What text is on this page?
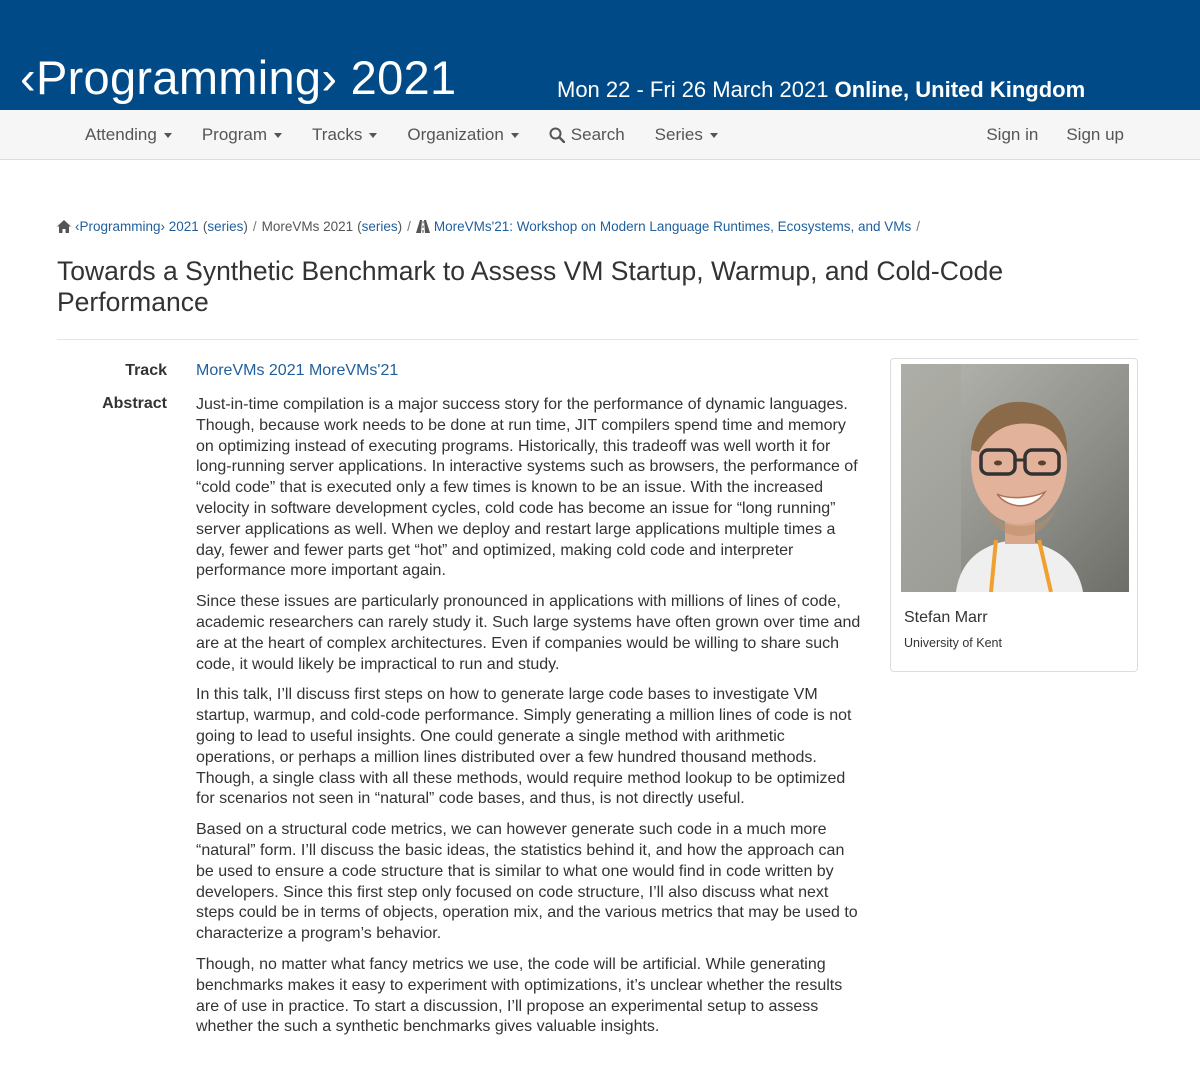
‹Programming› 2021	Mon 22 - Fri 26 March 2021 Online, United Kingdom
Attending	Program	Tracks	Organization	Search Series	Sign in	Sign up
‹Programming› 2021 ( series ) / MoreVMs 2021 ( series ) / MoreVMs'21: Workshop on Modern Language Runtimes, Ecosystems, and VMs /
Towards a Synthetic Benchmark to Assess VM Startup, Warmup, and Cold-Code Performance
Track MoreVMs 2021 MoreVMs'21
Abstract Just-in-time compilation is a major success story for the performance of dynamic languages. Though, because work needs to be done at run time, JIT compilers spend time and memory on optimizing instead of executing programs. Historically, this tradeoff was well worth it for long-running server applications. In interactive systems such as browsers, the performance of “cold code” that is executed only a few times is known to be an issue. With the increased velocity in software development cycles, cold code has become an issue for “long running” server applications as well. When we deploy and restart large applications multiple times a day, fewer and fewer parts get “hot” and optimized, making cold code and interpreter performance more important again.

Since these issues are particularly pronounced in applications with millions of lines of code, academic researchers can rarely study it. Such large systems have often grown over time and are at the heart of complex architectures. Even if companies would be willing to share such code, it would likely be impractical to run and study.

In this talk, I’ll discuss first steps on how to generate large code bases to investigate VM startup, warmup, and cold-code performance. Simply generating a million lines of code is not going to lead to useful insights. One could generate a single method with arithmetic operations, or perhaps a million lines distributed over a few hundred thousand methods. Though, a single class with all these methods, would require method lookup to be optimized for scenarios not seen in “natural” code bases, and thus, is not directly useful.

Based on a structural code metrics, we can however generate such code in a much more “natural” form. I’ll discuss the basic ideas, the statistics behind it, and how the approach can be used to ensure a code structure that is similar to what one would find in code written by developers. Since this first step only focused on code structure, I’ll also discuss what next steps could be in terms of objects, operation mix, and the various metrics that may be used to characterize a program’s behavior.

Though, no matter what fancy metrics we use, the code will be artificial. While generating benchmarks makes it easy to experiment with optimizations, it’s unclear whether the results are of use in practice. To start a discussion, I’ll propose an experimental setup to assess whether the such a synthetic benchmarks gives valuable insights.

Stefan Marr
University of Kent
